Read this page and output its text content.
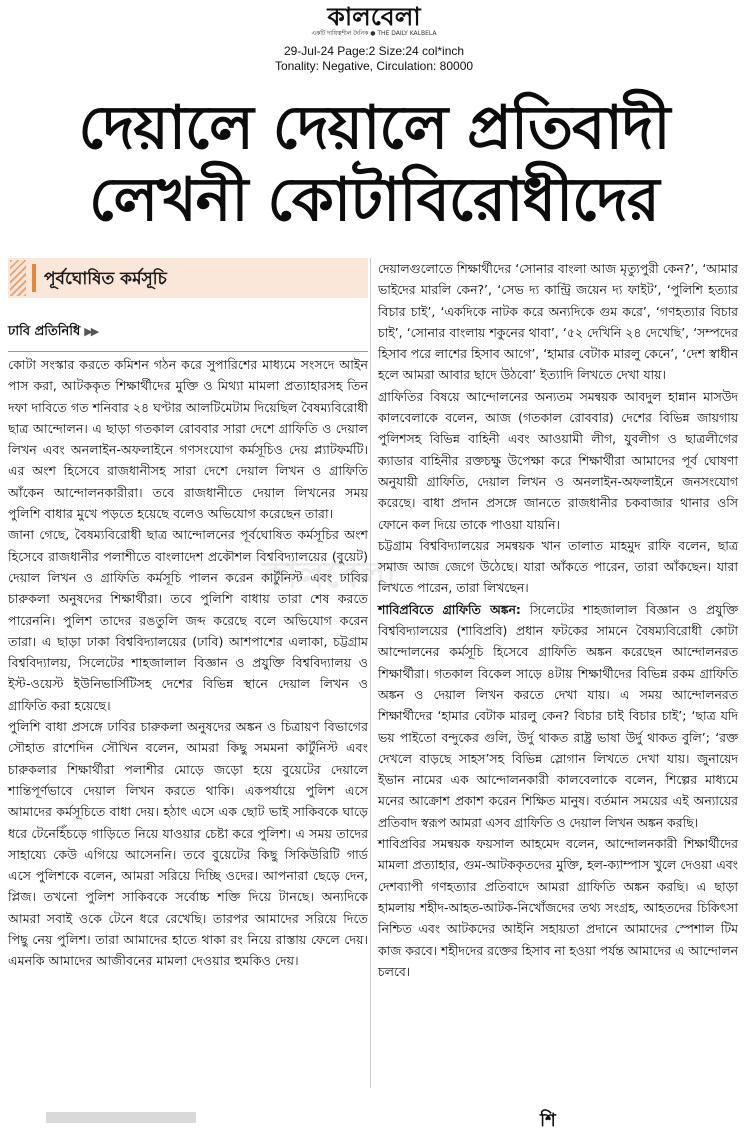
কালবেলা
একটি দায়িত্বশীল দৈনিক ● THE DAILY KALBELA
29-Jul-24 Page:2 Size:24 col*inch
Tonality: Negative, Circulation: 80000
দেয়ালে দেয়ালে প্রতিবাদী
লেখনী কোটাবিরোধীদের
কালবেলা
পূর্বঘোষিত কর্মসূচি
ঢাবি প্রতিনিধি ▶▶

কোটা সংস্কার করতে কমিশন গঠন করে সুপারিশের মাধ্যমে সংসদে আইন পাস করা, আটককৃত শিক্ষার্থীদের মুক্তি ও মিথ্যা মামলা প্রত্যাহারসহ তিন দফা দাবিতে গত শনিবার ২৪ ঘণ্টার আলটিমেটাম দিয়েছিল বৈষম্যবিরোধী ছাত্র আন্দোলন। এ ছাড়া গতকাল রোববার সারা দেশে গ্রাফিতি ও দেয়াল লিখন এবং অনলাইন-অফলাইনে গণসংযোগ কর্মসূচিও দেয় প্ল্যাটফর্মটি। এর অংশ হিসেবে রাজধানীসহ সারা দেশে দেয়াল লিখন ও গ্রাফিতি আঁকেন আন্দোলনকারীরা। তবে রাজধানীতে দেয়াল লিখনের সময় পুলিশি বাধার মুখে পড়তে হয়েছে বলেও অভিযোগ করেছেন তারা।

জানা গেছে, বৈষম্যবিরোধী ছাত্র আন্দোলনের পূর্বঘোষিত কর্মসূচির অংশ হিসেবে রাজধানীর পলাশীতে বাংলাদেশ প্রকৌশল বিশ্ববিদ্যালয়ের (বুয়েট) দেয়াল লিখন ও গ্রাফিতি কর্মসূচি পালন করেন কার্টুনিস্ট এবং ঢাবির চারুকলা অনুষদের শিক্ষার্থীরা। তবে পুলিশি বাধায় তারা শেষ করতে পারেননি। পুলিশ তাদের রঙতুলি জব্দ করেছে বলে অভিযোগ করেন তারা। এ ছাড়া ঢাকা বিশ্ববিদ্যালয়ের (ঢাবি) আশপাশের এলাকা, চট্টগ্রাম বিশ্ববিদ্যালয়, সিলেটের শাহজালাল বিজ্ঞান ও প্রযুক্তি বিশ্ববিদ্যালয় ও ইস্ট-ওয়েস্ট ইউনিভার্সিটিসহ দেশের বিভিন্ন স্থানে দেয়াল লিখন ও গ্রাফিতি করা হয়েছে।

পুলিশি বাধা প্রসঙ্গে ঢাবির চারুকলা অনুষদের অঙ্কন ও চিত্রায়ণ বিভাগের সৌহাত রাশেদিন সৌখিন বলেন, আমরা কিছু সমমনা কার্টুনিস্ট এবং চারুকলার শিক্ষার্থীরা পলাশীর মোড়ে জড়ো হয়ে বুয়েটের দেয়ালে শান্তিপূর্ণভাবে দেয়াল লিখন করতে থাকি। একপর্যায়ে পুলিশ এসে আমাদের কর্মসূচিতে বাধা দেয়। হঠাৎ এসে এক ছোট ভাই সাকিবকে ঘাড়ে ধরে টেনেহিঁচড়ে গাড়িতে নিয়ে যাওয়ার চেষ্টা করে পুলিশ। এ সময় তাদের সাহায্যে কেউ এগিয়ে আসেননি। তবে বুয়েটের কিছু সিকিউরিটি গার্ড এসে পুলিশকে বলেন, আমরা সরিয়ে দিচ্ছি ওদের। আপনারা ছেড়ে দেন, প্লিজ। তখনো পুলিশ সাকিবকে সর্বোচ্চ শক্তি দিয়ে টানছে। অন্যদিকে আমরা সবাই ওকে টেনে ধরে রেখেছি। তারপর আমাদের সরিয়ে দিতে পিছু নেয় পুলিশ। তারা আমাদের হাতে থাকা রং নিয়ে রাস্তায় ফেলে দেয়। এমনকি আমাদের আজীবনের মামলা দেওয়ার হুমকিও দেয়।

দেয়ালগুলোতে শিক্ষার্থীদের ‘সোনার বাংলা আজ মৃত্যুপুরী কেন?’, ‘আমার ভাইদের মারলি কেন?’, ‘সেভ দ্য কান্ট্রি জয়েন দ্য ফাইট’, ‘পুলিশি হত্যার বিচার চাই’, ‘একদিকে নাটক করে অন্যদিকে গুম করে’, ‘গণহত্যার বিচার চাই’, ‘সোনার বাংলায় শকুনের থাবা’, ‘৫২ দেখিনি ২৪ দেখেছি’, ‘সম্পদের হিসাব পরে লাশের হিসাব আগে’, ‘হামার বেটাক মারলু কেনে’, ‘দেশ স্বাধীন হলে আমরা আবার ছাদে উঠবো’ ইত্যাদি লিখতে দেখা যায়।

গ্রাফিতির বিষয়ে আন্দোলনের অন্যতম সমন্বয়ক আবদুল হান্নান মাসউদ কালবেলাকে বলেন, আজ (গতকাল রোববার) দেশের বিভিন্ন জায়গায় পুলিশসহ বিভিন্ন বাহিনী এবং আওয়ামী লীগ, যুবলীগ ও ছাত্রলীগের ক্যাডার বাহিনীর রক্তচক্ষু উপেক্ষা করে শিক্ষার্থীরা আমাদের পূর্ব ঘোষণা অনুযায়ী গ্রাফিতি, দেয়াল লিখন ও অনলাইন-অফলাইনে জনসংযোগ করেছে। বাধা প্রদান প্রসঙ্গে জানতে রাজধানীর চকবাজার থানার ওসি ফোনে কল দিয়ে তাকে পাওয়া যায়নি।

চট্টগ্রাম বিশ্ববিদ্যালয়ের সমন্বয়ক খান তালাত মাহমুদ রাফি বলেন, ছাত্র সমাজ আজ জেগে উঠেছে। যারা আঁকতে পারেন, তারা আঁকছেন। যারা লিখতে পারেন, তারা লিখছেন।

শাবিপ্রবিতে গ্রাফিতি অঙ্কন: সিলেটের শাহজালাল বিজ্ঞান ও প্রযুক্তি বিশ্ববিদ্যালয়ের (শাবিপ্রবি) প্রধান ফটকের সামনে বৈষম্যবিরোধী কোটা আন্দোলনের কর্মসূচি হিসেবে গ্রাফিতি অঙ্কন করেছেন আন্দোলনরত শিক্ষার্থীরা। গতকাল বিকেল সাড়ে ৪টায় শিক্ষার্থীদের বিভিন্ন রকম গ্রাফিতি অঙ্কন ও দেয়াল লিখন করতে দেখা যায়। এ সময় আন্দোলনরত শিক্ষার্থীদের ‘হামার বেটাক মারলু কেন? বিচার চাই বিচার চাই’; ‘ছাত্র যদি ভয় পাইতো বন্দুকের গুলি, উর্দু থাকত রাষ্ট্র ভাষা উর্দু থাকত বুলি’; ‘রক্ত দেখলে বাড়ছে সাহস’সহ বিভিন্ন স্লোগান লিখতে দেখা যায়। জুনায়েদ ইভান নামের এক আন্দোলনকারী কালবেলাকে বলেন, শিল্পের মাধ্যমে মনের আক্রোশ প্রকাশ করেন শিক্ষিত মানুষ। বর্তমান সময়ের এই অন্যায়ের প্রতিবাদ স্বরূপ আমরা এসব গ্রাফিতি ও দেয়াল লিখন অঙ্কন করছি।

শাবিপ্রবির সমন্বয়ক ফয়সাল আহমেদ বলেন, আন্দোলনকারী শিক্ষার্থীদের মামলা প্রত্যাহার, গুম-আটককৃতদের মুক্তি, হল-ক্যাম্পাস খুলে দেওয়া এবং দেশব্যাপী গণহত্যার প্রতিবাদে আমরা গ্রাফিতি অঙ্কন করছি। এ ছাড়া হামলায় শহীদ-আহত-আটক-নিখোঁজদের তথ্য সংগ্রহ, আহতদের চিকিৎসা নিশ্চিত এবং আটকদের আইনি সহায়তা প্রদানে আমাদের স্পেশাল টিম কাজ করবে। শহীদদের রক্তের হিসাব না হওয়া পর্যন্ত আমাদের এ আন্দোলন চলবে।

শি
